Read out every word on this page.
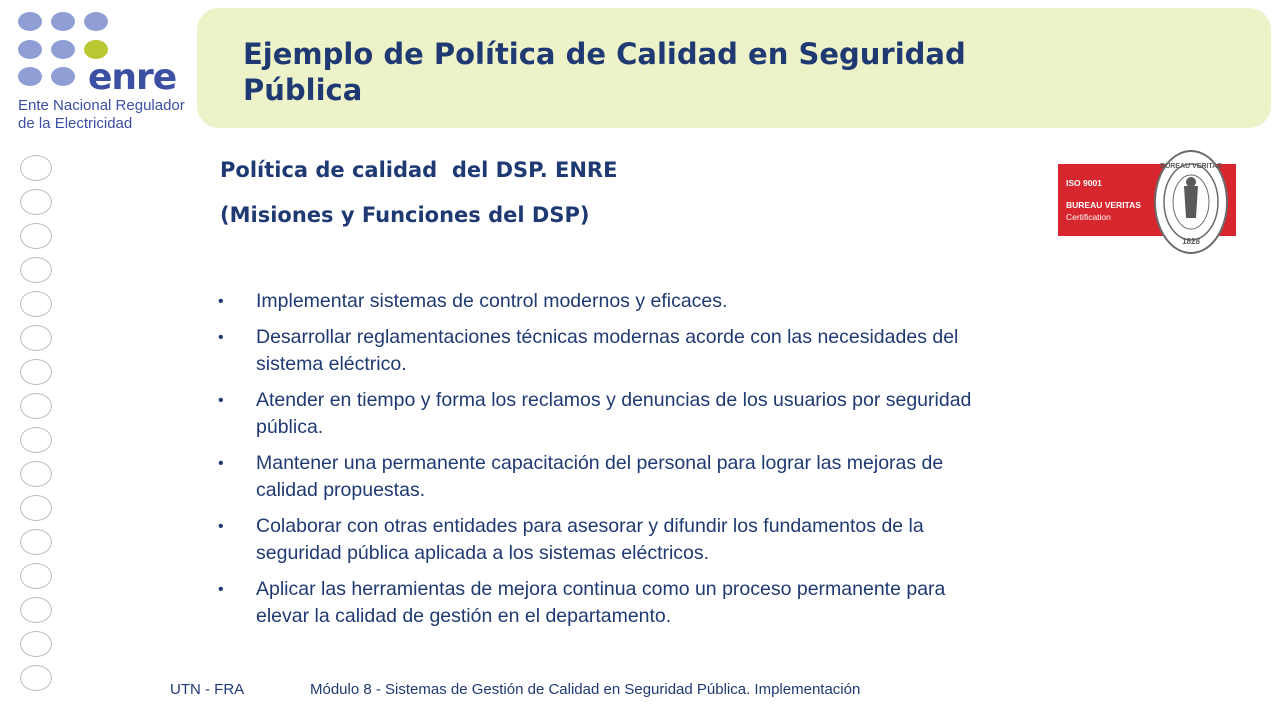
enre
Ente Nacional Regulador
de la Electricidad
Ejemplo de Política de Calidad en Seguridad Pública
Política de calidad  del DSP. ENRE
(Misiones y Funciones del DSP)
• Implementar sistemas de control modernos y eficaces.
• Desarrollar reglamentaciones técnicas modernas acorde con las necesidades del sistema eléctrico.
• Atender en tiempo y forma los reclamos y denuncias de los usuarios por seguridad pública.
• Mantener una permanente capacitación del personal para lograr las mejoras de calidad propuestas.
• Colaborar con otras entidades para asesorar y difundir los fundamentos de la seguridad pública aplicada a los sistemas eléctricos.
• Aplicar las herramientas de mejora continua como un proceso permanente para elevar la calidad de gestión en el departamento.
ISO 9001
BUREAU VERITAS
Certification
BUREAU VERITAS
1828
UTN - FRA	Módulo 8 - Sistemas de Gestión de Calidad en Seguridad Pública. Implementación
